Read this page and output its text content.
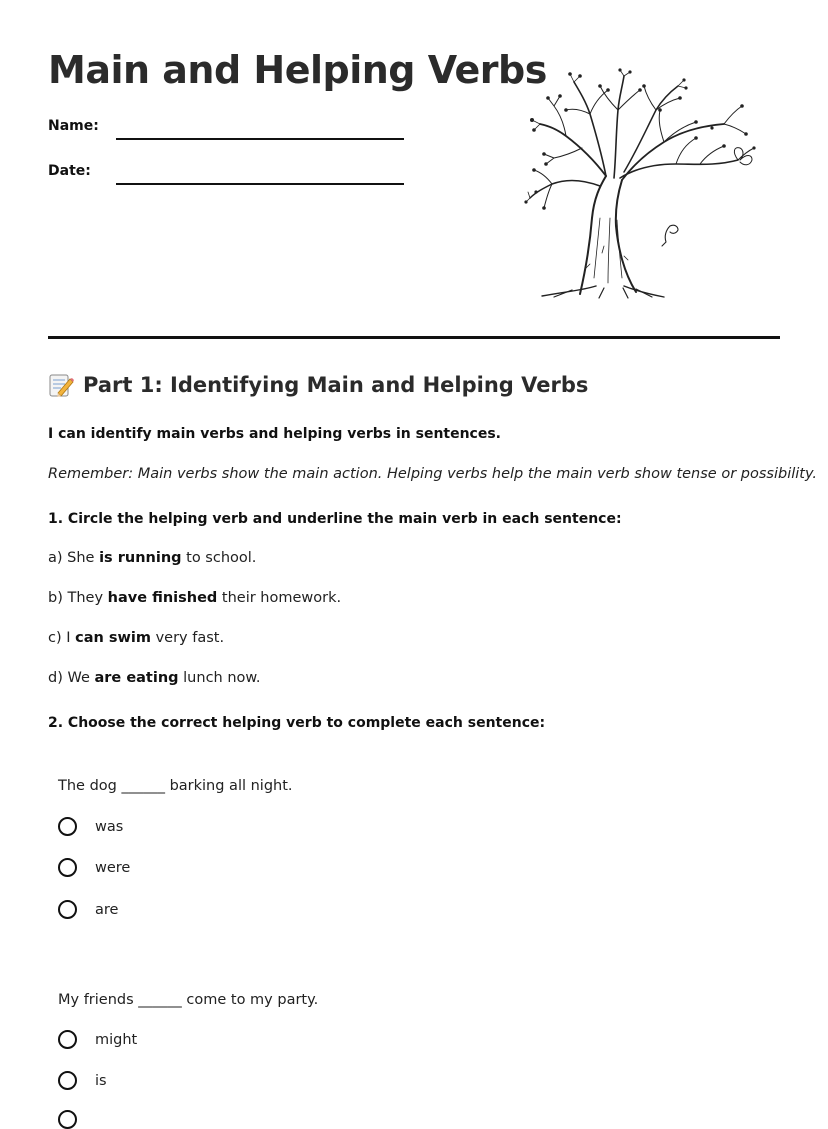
Main and Helping Verbs
Name:
Date:
Part 1: Identifying Main and Helping Verbs
I can identify main verbs and helping verbs in sentences.
Remember: Main verbs show the main action. Helping verbs help the main verb show tense or possibility.
1. Circle the helping verb and underline the main verb in each sentence:
a) She is running to school.
b) They have finished their homework.
c) I can swim very fast.
d) We are eating lunch now.
2. Choose the correct helping verb to complete each sentence:
The dog ______ barking all night.
was
were
are
My friends ______ come to my party.
might
is
